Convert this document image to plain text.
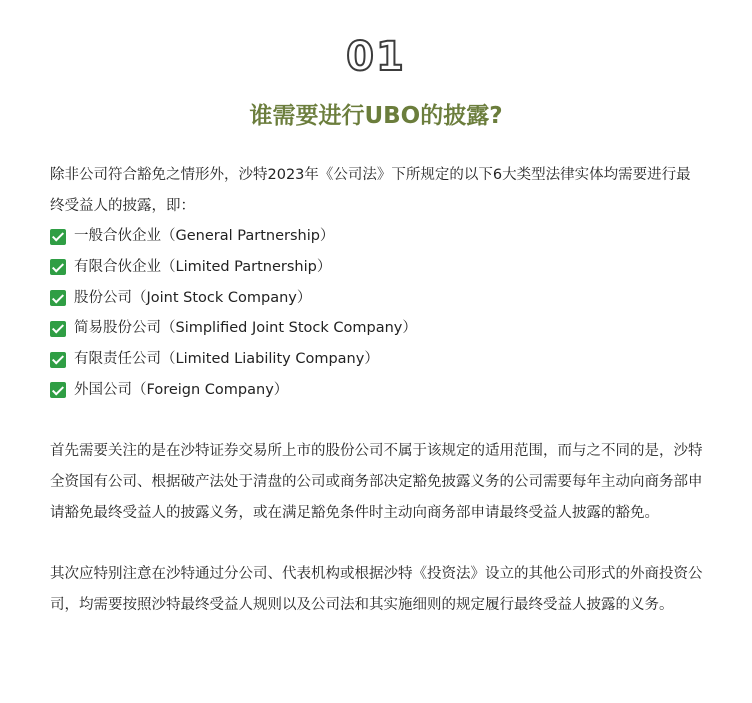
01
谁需要进行UBO的披露?

除非公司符合豁免之情形外，沙特2023年《公司法》下所规定的以下6大类型法律实体均需要进行最终受益人的披露，即：

一般合伙企业（General Partnership）
有限合伙企业（Limited Partnership）
股份公司（Joint Stock Company）
简易股份公司（Simplified Joint Stock Company）
有限责任公司（Limited Liability Company）
外国公司（Foreign Company）

首先需要关注的是在沙特证券交易所上市的股份公司不属于该规定的适用范围，而与之不同的是，沙特全资国有公司、根据破产法处于清盘的公司或商务部决定豁免披露义务的公司需要每年主动向商务部申请豁免最终受益人的披露义务，或在满足豁免条件时主动向商务部申请最终受益人披露的豁免。

其次应特别注意在沙特通过分公司、代表机构或根据沙特《投资法》设立的其他公司形式的外商投资公司，均需要按照沙特最终受益人规则以及公司法和其实施细则的规定履行最终受益人披露的义务。
